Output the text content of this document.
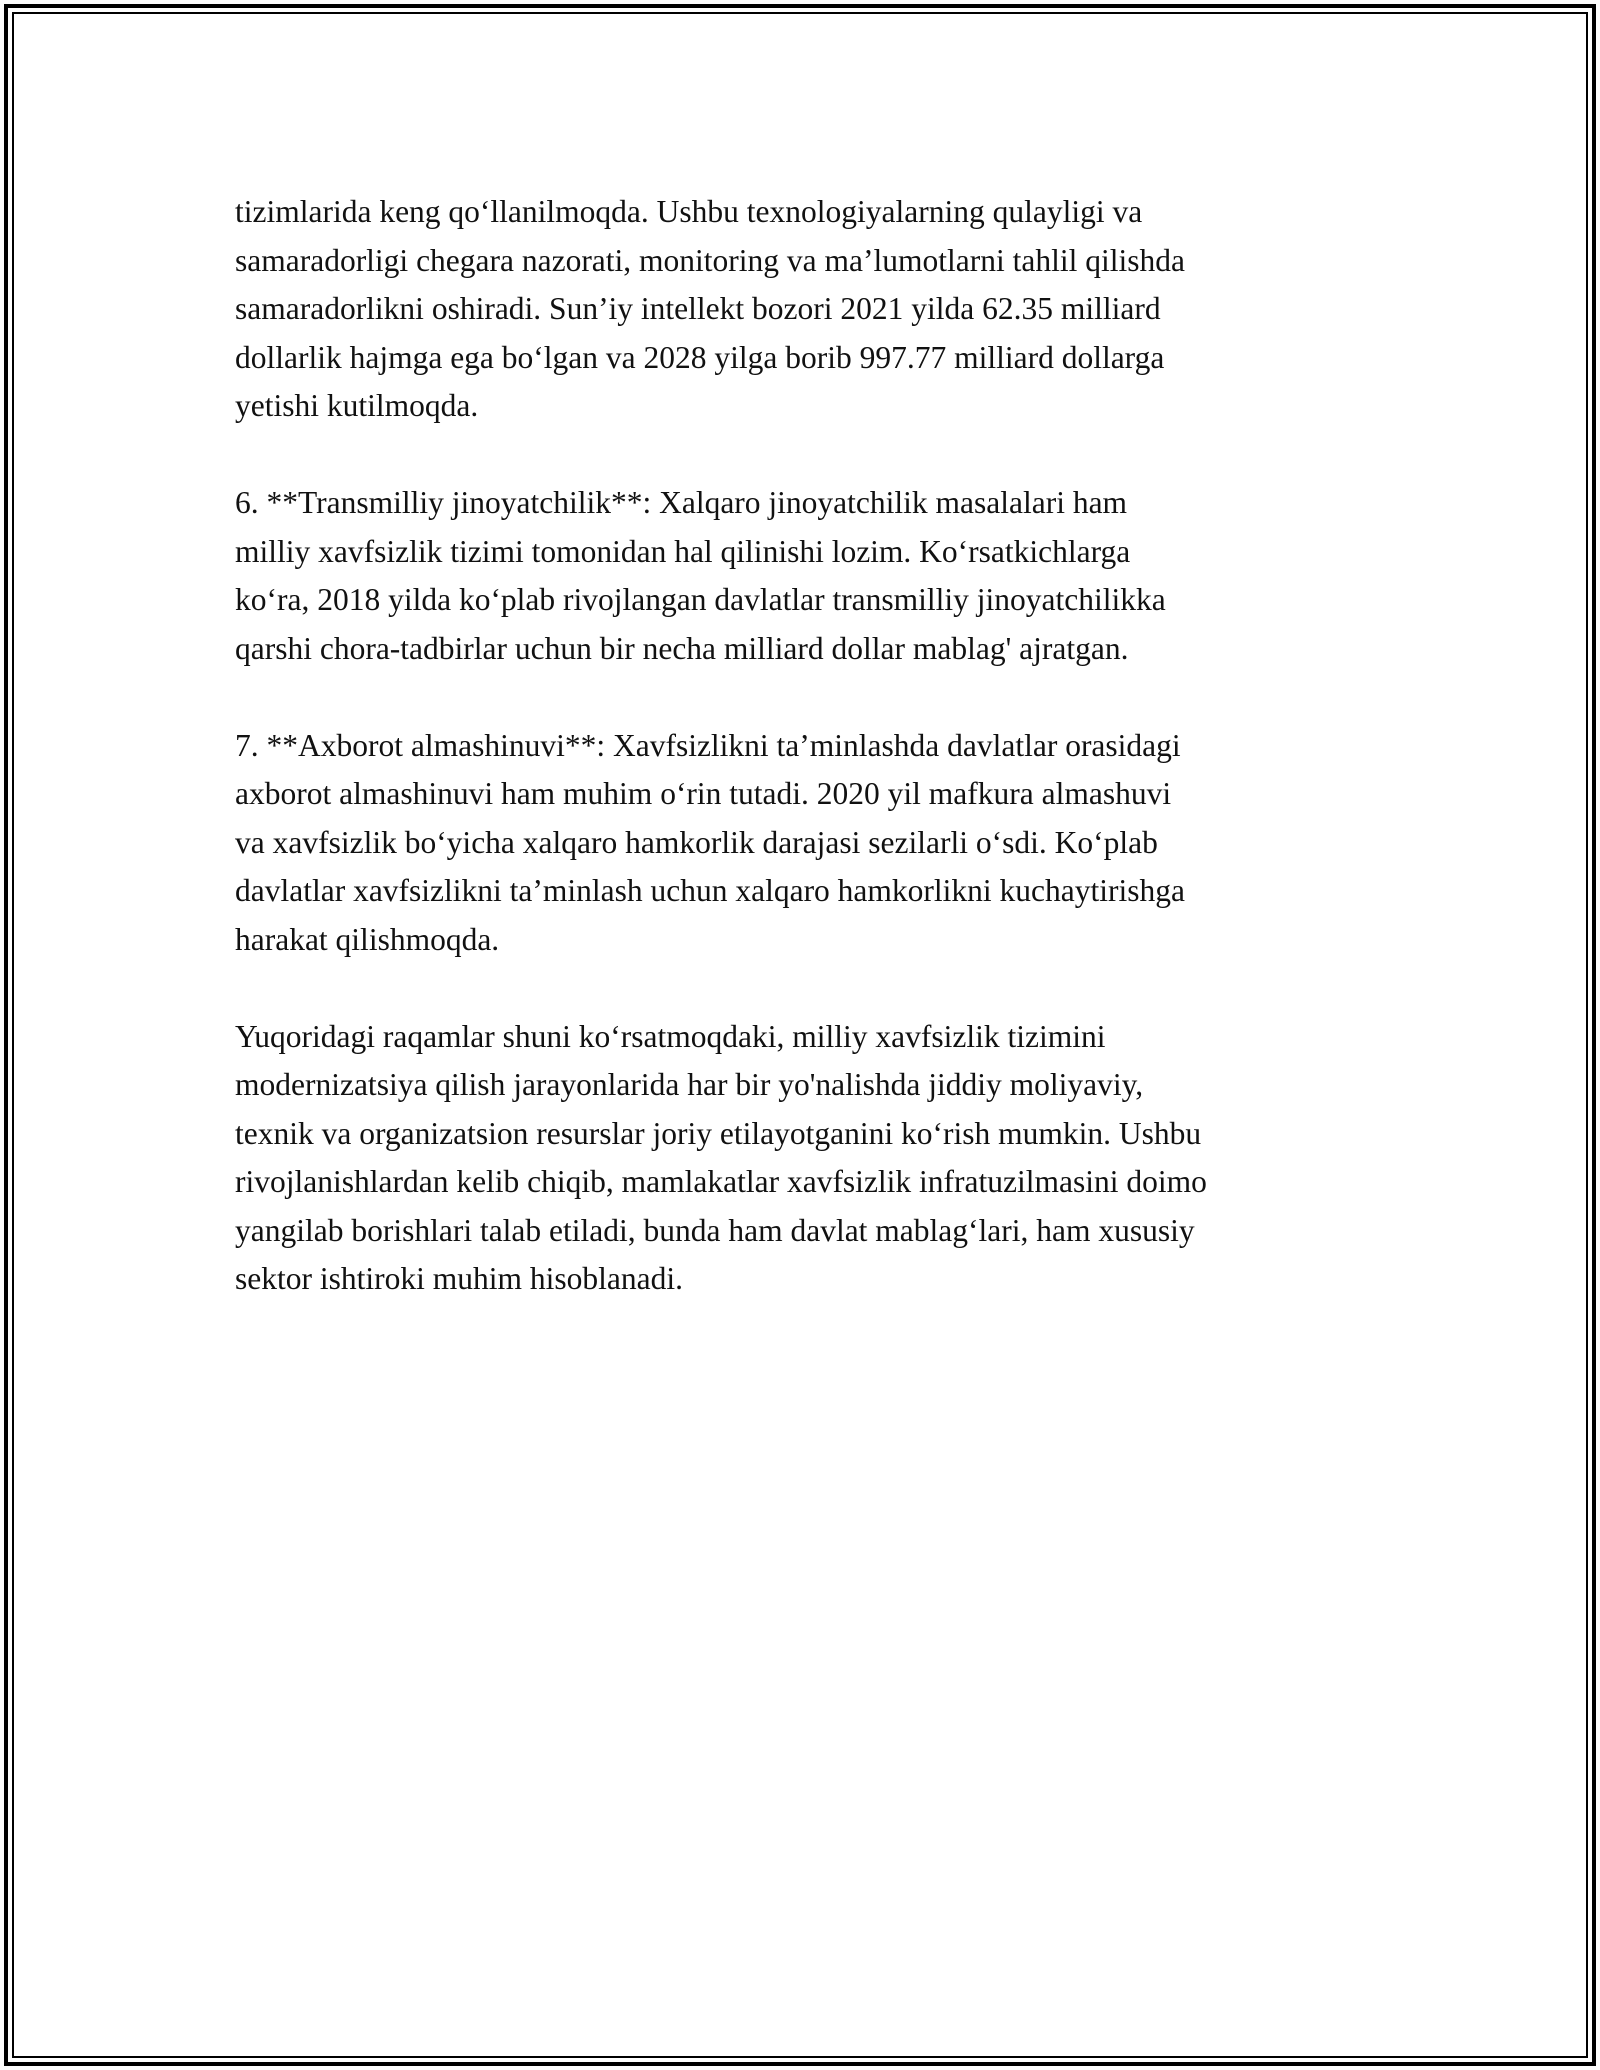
tizimlarida keng qo‘llanilmoqda. Ushbu texnologiyalarning qulayligi va
samaradorligi chegara nazorati, monitoring va ma’lumotlarni tahlil qilishda
samaradorlikni oshiradi. Sun’iy intellekt bozori 2021 yilda 62.35 milliard
dollarlik hajmga ega bo‘lgan va 2028 yilga borib 997.77 milliard dollarga
yetishi kutilmoqda.

6. **Transmilliy jinoyatchilik**: Xalqaro jinoyatchilik masalalari ham
milliy xavfsizlik tizimi tomonidan hal qilinishi lozim. Ko‘rsatkichlarga
ko‘ra, 2018 yilda ko‘plab rivojlangan davlatlar transmilliy jinoyatchilikka
qarshi chora-tadbirlar uchun bir necha milliard dollar mablag' ajratgan.

7. **Axborot almashinuvi**: Xavfsizlikni ta’minlashda davlatlar orasidagi
axborot almashinuvi ham muhim o‘rin tutadi. 2020 yil mafkura almashuvi
va xavfsizlik bo‘yicha xalqaro hamkorlik darajasi sezilarli o‘sdi. Ko‘plab
davlatlar xavfsizlikni ta’minlash uchun xalqaro hamkorlikni kuchaytirishga
harakat qilishmoqda.

Yuqoridagi raqamlar shuni ko‘rsatmoqdaki, milliy xavfsizlik tizimini
modernizatsiya qilish jarayonlarida har bir yo'nalishda jiddiy moliyaviy,
texnik va organizatsion resurslar joriy etilayotganini ko‘rish mumkin. Ushbu
rivojlanishlardan kelib chiqib, mamlakatlar xavfsizlik infratuzilmasini doimo
yangilab borishlari talab etiladi, bunda ham davlat mablag‘lari, ham xususiy
sektor ishtiroki muhim hisoblanadi.
